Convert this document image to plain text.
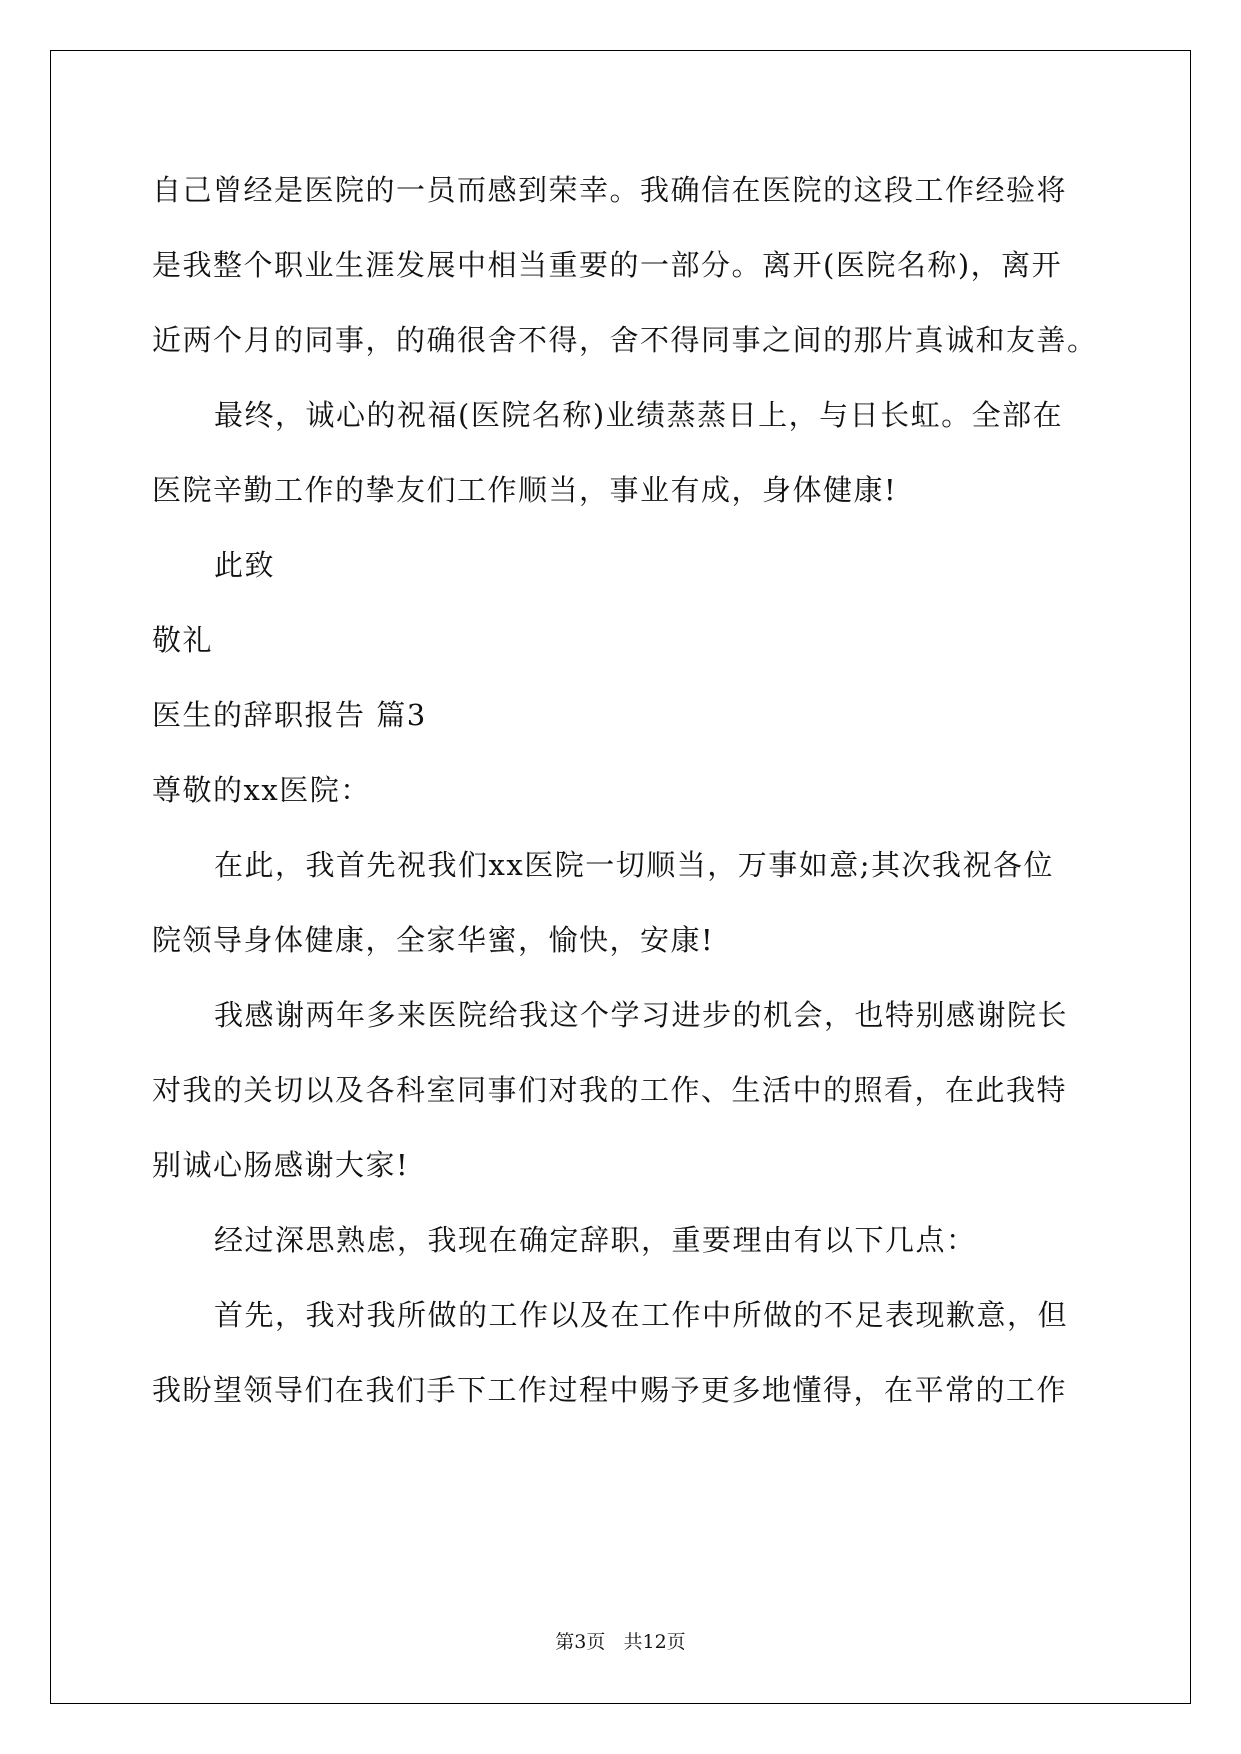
自己曾经是医院的一员而感到荣幸。我确信在医院的这段工作经验将
是我整个职业生涯发展中相当重要的一部分。离开(医院名称)，离开
近两个月的同事，的确很舍不得，舍不得同事之间的那片真诚和友善。
最终，诚心的祝福(医院名称)业绩蒸蒸日上，与日长虹。全部在
医院辛勤工作的挚友们工作顺当，事业有成，身体健康!
此致
敬礼
医生的辞职报告 篇3
尊敬的xx医院：
在此，我首先祝我们xx医院一切顺当，万事如意;其次我祝各位
院领导身体健康，全家华蜜，愉快，安康!
我感谢两年多来医院给我这个学习进步的机会，也特别感谢院长
对我的关切以及各科室同事们对我的工作、生活中的照看，在此我特
别诚心肠感谢大家!
经过深思熟虑，我现在确定辞职，重要理由有以下几点：
首先，我对我所做的工作以及在工作中所做的不足表现歉意，但
我盼望领导们在我们手下工作过程中赐予更多地懂得，在平常的工作
第3页   共12页
